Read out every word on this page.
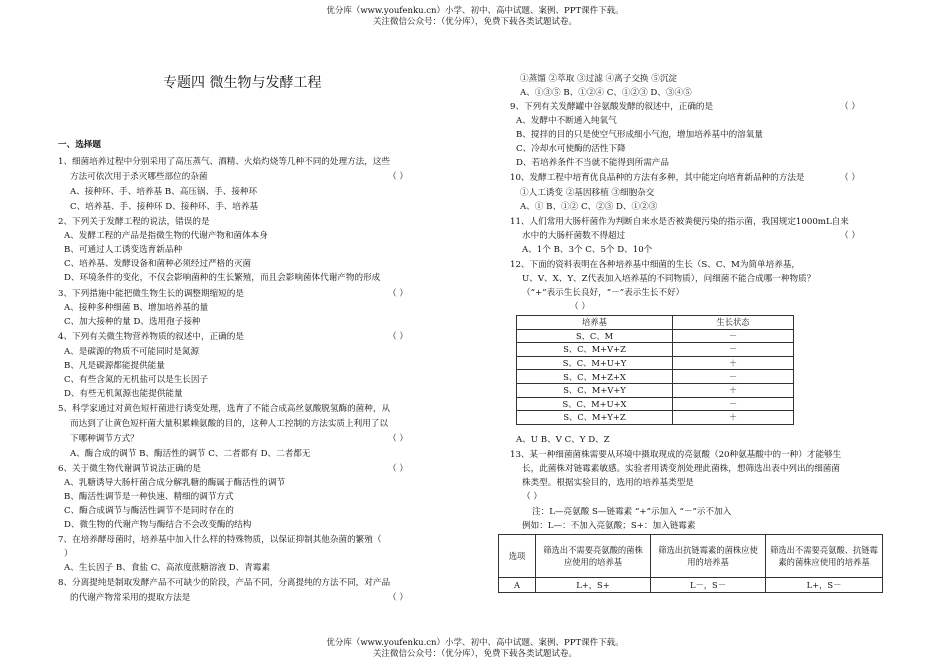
优分库（www.youfenku.cn）小学、初中、高中试题、案例、PPT课件下载。
关注微信公众号：（优分库），免费下载各类试题试卷。
专题四 微生物与发酵工程
一、选择题
1、细菌培养过程中分别采用了高压蒸气、酒精、火焰灼烧等几种不同的处理方法，这些
方法可依次用于杀灭哪些部位的杂菌	（ ）
A、接种环、手、培养基 B、高压锅、手、接种环
C、培养基、手、接种环 D、接种环、手、培养基
2、下列关于发酵工程的说法，错误的是
A、发酵工程的产品是指微生物的代谢产物和菌体本身
B、可通过人工诱变选育新品种
C、培养基、发酵设备和菌种必须经过严格的灭菌
D、环境条件的变化，不仅会影响菌种的生长繁殖，而且会影响菌体代谢产物的形成
3、下列措施中能把微生物生长的调整期缩短的是	（ ）
A、接种多种细菌 B、增加培养基的量
C、加大接种的量 D、选用孢子接种
4、下列有关微生物营养物质的叙述中，正确的是	（ ）
A、是碳源的物质不可能同时是氮源
B、凡是碳源都能提供能量
C、有些含氮的无机盐可以是生长因子
D、有些无机氮源也能提供能量
5、科学家通过对黄色短杆菌进行诱变处理，选育了不能合成高丝氨酸脱氢酶的菌种，从
而达到了让黄色短杆菌大量积累赖氨酸的目的，这种人工控制的方法实质上利用了以
下哪种调节方式？	（ ）
A、酶合成的调节 B、酶活性的调节 C、二者都有 D、二者都无
6、关于微生物代谢调节说法正确的是	（ ）
A、乳糖诱导大肠杆菌合成分解乳糖的酶属于酶活性的调节
B、酶活性调节是一种快速、精细的调节方式
C、酶合成调节与酶活性调节不是同时存在的
D、微生物的代谢产物与酶结合不会改变酶的结构
7、在培养酵母菌时，培养基中加入什么样的特殊物质，以保证抑制其他杂菌的繁殖（
）
A、生长因子 B、食盐 C、高浓度蔗糖溶液 D、青霉素
8、分离提纯是制取发酵产品不可缺少的阶段，产品不同，分离提纯的方法不同，对产品
的代谢产物常采用的提取方法是	（ ）
①蒸馏 ②萃取 ③过滤 ④离子交换 ⑤沉淀
A、①③⑤ B、①②④ C、①②③ D、③④⑤
9、下列有关发酵罐中谷氨酸发酵的叙述中，正确的是	（ ）
A、发酵中不断通入纯氧气
B、搅拌的目的只是使空气形成细小气泡，增加培养基中的溶氧量
C、冷却水可使酶的活性下降
D、若培养条件不当就不能得到所需产品
10、发酵工程中培育优良品种的方法有多种，其中能定向培育新品种的方法是	（ ）
①人工诱变 ②基因移植 ③细胞杂交
A、① B、①② C、②③ D、①②③
11、人们常用大肠杆菌作为判断自来水是否被粪便污染的指示菌，我国规定1000mL自来
水中的大肠杆菌数不得超过	（ ）
A、1个 B、3个 C、5个 D、10个
12、下面的资料表明在各种培养基中细菌的生长（S、C、M为简单培养基，
U、V、X、Y、Z代表加入培养基的不同物质），问细菌不能合成哪一种物质？
（“+”表示生长良好，“－”表示生长不好）
（ ）
培养基	生长状态
S、C、M	－
S、C、M+V+Z	－
S、C、M+U+Y	＋
S、C、M+Z+X	－
S、C、M+V+Y	＋
S、C、M+U+X	－
S、C、M+Y+Z	＋
A、U B、V C、Y D、Z
13、某一种细菌菌株需要从环境中摄取现成的亮氨酸（20种氨基酸中的一种）才能够生
长，此菌株对链霉素敏感。实验者用诱变剂处理此菌株，想筛选出表中列出的细菌菌
株类型。根据实验目的，选用的培养基类型是
（ ）
注：L—亮氨酸 S—链霉素 “+”示加入 “－”示不加入
例如：L—：不加入亮氨酸；S+：加入链霉素
选项	筛选出不需要亮氨酸的菌株应使用的培养基	筛选出抗链霉素的菌株应使用的培养基	筛选出不需要亮氨酸、抗链霉素的菌株应使用的培养基
A	L+，S+	L－，S－	L+，S－
优分库（www.youfenku.cn）小学、初中、高中试题、案例、PPT课件下载。
关注微信公众号：（优分库），免费下载各类试题试卷。
